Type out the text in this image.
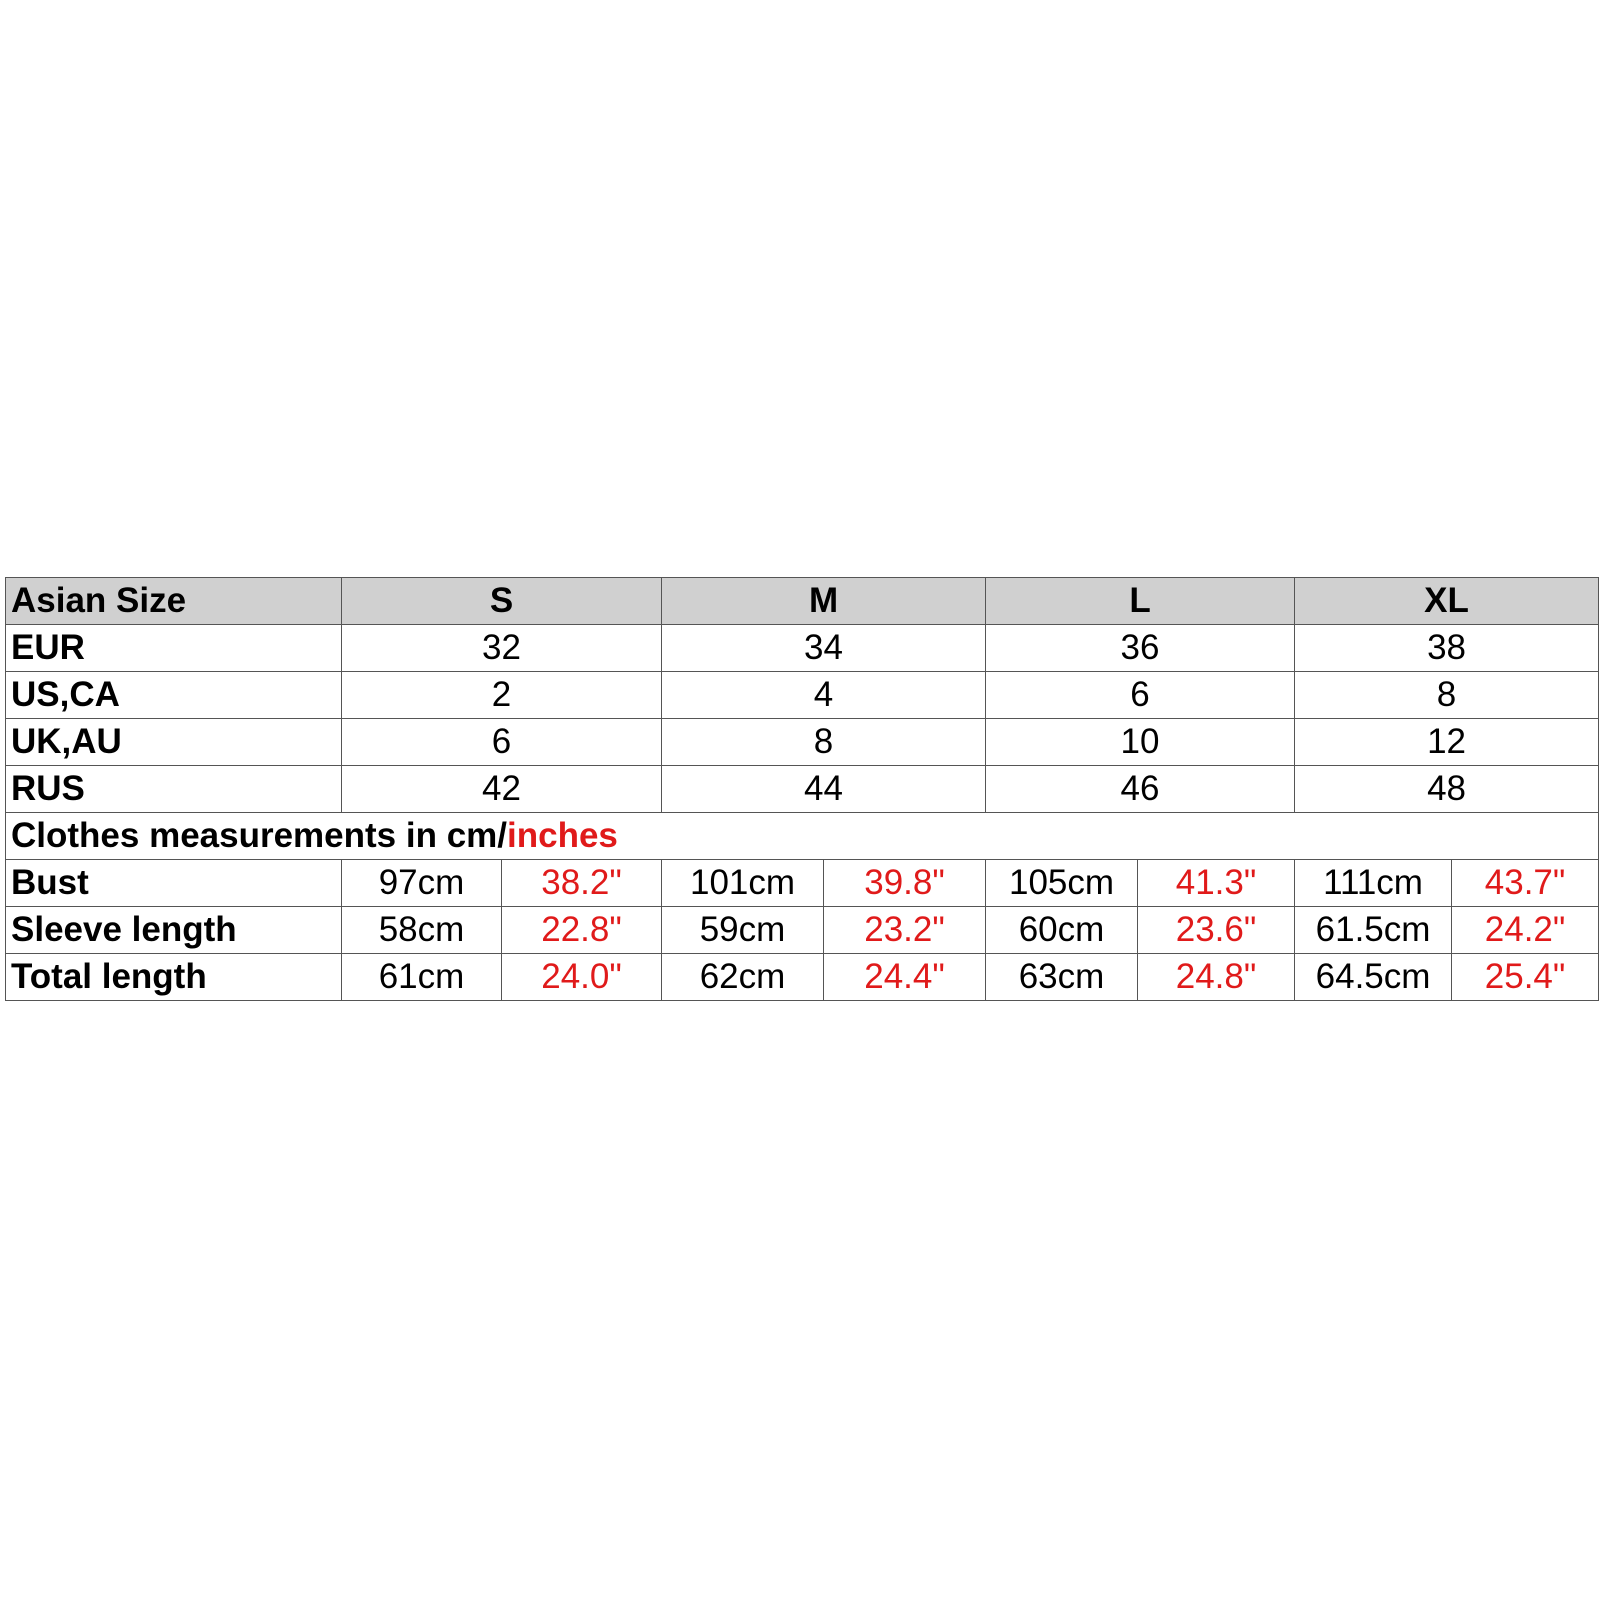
Asian Size	S		M		L		XL	
EUR	32		34		36		38	
US,CA	2		4		6		8	
UK,AU	6		8		10		12	
RUS	42		44		46		48	
Clothes measurements in cm/inches								
Bust	97cm	38.2"	101cm	39.8"	105cm	41.3"	111cm	43.7"
Sleeve length	58cm	22.8"	59cm	23.2"	60cm	23.6"	61.5cm	24.2"
Total length	61cm	24.0"	62cm	24.4"	63cm	24.8"	64.5cm	25.4"
